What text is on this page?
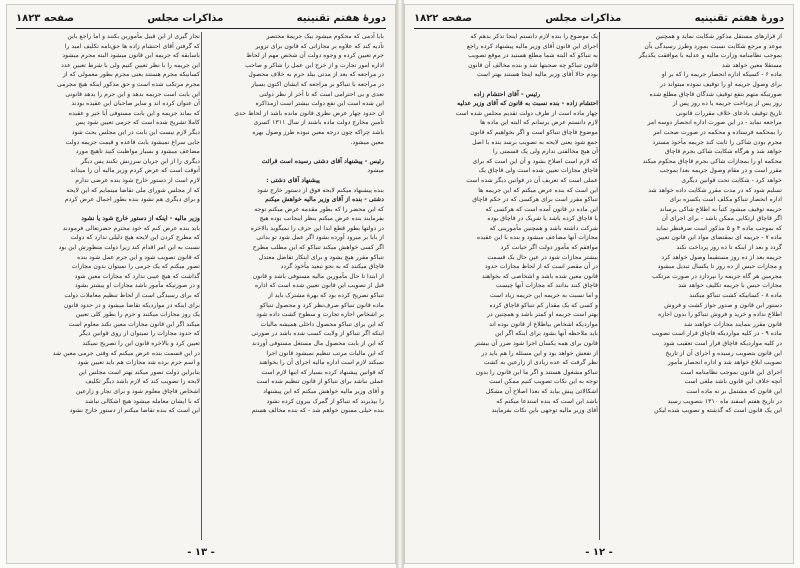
دورهٔ هفتم تقنینیه
مذاکرات مجلس
صفحه ۱۸۲۳

بابا آدمی که محکوم میشود بیک جریمهٔ مختصر

تأدیه کند که علاوه بر مجازاتی که قانون برای تزویر

جرم تعیین کرده و وجوه دولت آن شخص مهم از لحاظ

اداره امور تجارت و از خرج این عمل را شاکر و صاحب

در مراجعه که بعد از مدتی ببلد حرم به خلاف محصول

در مراجعه با تنباکو بر مراجعه که ایشان اکنون بسیار

تعدی و بی احترامی است که تا آخر از نظر دولتی

این شده است این نفع دولت بیشتر است ازمذاکره

ان حدود چهار عرض نظری قانون مانده باشد از لحاظ حدی

تأمین مخارج دولت ماده باشند از سال ۱۳۱۱ کسری

باشد چراکه چون درجه معین نبوده طرز وصول بهره

معین میشود.

رئیس - پیشنهاد آقای دشتی رسیده است قرائت

میشود

پیشنهاد آقای دشتی :

بنده پیشنهاد میکنم لایحه فوق از دستور خارج شود

دشتی - بنده از آقای وزیر مالیه خواهش میکنم

که این محضر را که بطور مقدمه عرض میکنم توجه

بفرمایند بنده عرض میکنم بنظر اینجانب بوده هیچ

در دولتها بطور قطع ابدا این حرف را نمیگوید بالاخره

از بابا بر میرود آورده بشود اگر عمل شود تو بدانی

اگر کسی خواهش میکند تنباکو که این مطلب مطرح

تنباکو مقرر هیچ بشود و برای اینکار تفاضل معتدل

قاچاق میکنند که به نحو تبعید مأخوذ گردد

از ابتدا تا حال مأمورین مالیه مستوفی باشد و قانون

قبل از تصویب این قانون تعیین شده است که اداره

تنباکو تصریح کرده بود که بهرهٔ مشترک باید از

ماده قانون تنباکو صرف‌نظر کرد و محصول تنباکو

بر اشخاص اجازه تجارت و سطوح کشت داده شود

که این برای تنباکو محصول داخلی همیشه مالیات

اینکه اگر تنباکو از ولایت کسب شده باشد در صورتی

که این از بابت محصول مال مستغل مستوفی آوردند

که این مالیات مرتب تنظیم نمیشود قانون اجرا

نمیکند لازم است اداره مالیه اجرای آن را بخواهند

که قوانین پیشنهاد کرده بسیار که اینها لازم است

عملی نباشد برای تنباکو از قانون تنظیم شده است

و آقای وزیر مالیه خواهش میکنم که این پیشنهاد

را بپذیرند که تنباکو از گمرک بیرون کرده نشود

بنده خیلی ممنون خواهم شد - که بنده مخالف هستم

تجار گیری از این قبیل مأمورین بکنند و اما راجع باین

که گرفتن آقای احتشام زاده ها حق‌نامه تکلیف امید را

باسابقه که جریمه این قانون میشود البته مجرم میشود

این جریمه را با نظر تعیین کنیم ولی با شرط تعیین عدد

کسانیکه مجرم هستند یعنی مجرم بطور معمولی که از

مجرم مرتکب شده است و حق مذکور اینکه هیچ مجرمی

این بابت است جریمه بدهد و این جرم را بدهد قانونی

آن عنوان کرده اند و سایر صاحبان این عقیده بودند

که بماند جریمه و این بابت مستوفی آیا خیر و عقیده

کاملا تشریح شده است که جرمی تعیین شود پس

دیگر لازم نیست این بابت در این مجلس بحث شود

جایی سراغ نمیشود بابت قاعده و قیمت جریمه دولت

مضاعف میشود و بسیار مواظبت کنید تاهیچ مورد

دیگری را از این جریان سرزنش نکنند پس دیگر

آنوقت است که عرض کردم وزیر مالیه آن را میداند

لازم است از دستور خارج شود بنده عرضی ندارم

که از مجلس شورای ملی تقاضا مینمایم که این لایحه

و برای دیگری هم نشود بنده بطور اجمال عرض کردم

وزیر مالیه - اینکه از دستور خارج شود یا نشود

باید بنده عرض کنم که خود محترم حضرتعالی فرمودند

که مطرح کردن این لایحه هیچ دلیلی ندارد که دولت

نسبت به این امر اقدام کند زیرا دولت منظورش این بود

که قانون تصویب شود و این جرم عمل شود بنده

تصور میکنم که یک جرمی را نمیتوان بدون مجازات

گذاشت که هیچ عیبی ندارد که مجازات معین شود

و در صورتیکه مأمور باشد مجازات او بیشتر بشود

که برای رسیدگی است از لحاظ تنظیم معاملات دولت

برای اینکه در مواردیکه تقاضا میشود و در حدود قانون

یک روز مجازات میکنند و جرم را بطور کلی تعیین

میکند اگر این قانون مجازات معین نکند معلوم است

که حدود مجازات را نمیتوان از روی قوانین دیگر

تعیین کرد و بالاخره قانون این را تصریح نمیکند

در این قسمت بنده عرض میکنم که وقتی جرمی معین شد

و اسم جرم برده شد مجازات هم باید تعیین شود

بنابراین دولت تصور میکند بهتر است مجلس این

لایحه را تصویب کند که لازم باشد دیگر تکلیف

اشخاص قاچاق معلوم شود و برای تجار و زارعین

که با ایشان معامله میشود هیچ اشکالی نباشد

این است که بنده تقاضا میکنم از دستور خارج نشود

- ۱۳ -
دورهٔ هفتم تقنینیه
مذاکرات مجلس
صفحه ۱۸۲۲

از قرارهای مستقل مذکور شکایت نماید و همچنین

موعد و مرجع شکایت نسبت بمورد وطرز رسیدگی بآن

بموجب نظامنامه وزارت مالیه و عدلیه با موافقت یکدیگر

مستقلا معین خواهد شد

ماده ۶ - کسیکه اداره انحصار جریمه را که بر او

برای وصول جریمه او را توقیف نموده میتواند در

صورتیکه متهم بنفع توقیف شدگان قاچاق مطلع شده

روز پس از پرداخت جریمه یا ده روز پس از

تاریخ توقیف بادعای خلاف مقررات قانونی

مراجعه نماید - در این صورت اداره انحصار دوسه امر

را بمحکمه فرستاده و محکمه در صورت صحت امر

مجرم بودن شاکی را ثابت کند جریمه مأخوذ مسترد

خواهد شد و هرگاه شکایت شاکی بجرم قاچاق

محکمه او را بمجازات شاکی بجرم قاچاق محکوم میکند

مقرر است و در مقام وصول جریمه بعدا بموجب

خواهد کرد - شکایت تحت قوانین دیگری

تسلیم شود که در مدت مقرر شکایت داده خواهد شد

اداره انحصار تنباکو مکلف است یکسره برای

جریمه توقیف میشود کتباً به اطلاع شاکی برساند

اگر قاچاق ارتکابی ممکن باشد - برای اجرای آن

که بموجب ماده ۴ و ۵ مذکور است صرفنظر نماید

ماده ۷ - جریمه ای بمقتضای مواد این قانون تعیین

گردد و بعد از اینکه تا ده روز پرداخت نکند

جریمه بعد از ده روز مستقیما وصول خواهد کرد

و مجازات حبس از ده روز تا یکسال تبدیل میشود

مجرمین هر گاه جریمه را نپردازد در صورت مرتکب

مجازات حبس با جریمه تکلیف خواهد شد

ماده ۸ - کسانیکه کشت تنباکو میکنند

دستور این قانون و صدور جواز کشت و فروش

اطلاع نداده و خرید و فروش تنباکو را بدون اجازه

قانون مقرر بنمایند مجازات خواهند شد

ماده ۹ - در کلیه مواردیکه قاچاق قرار است تصویب

در کلیه مواردیکه قاچاق قرار است تعقیب شود

این قانون بتصویب رسیده و اجرای آن از تاریخ

تصویب ابلاغ خواهد شد و اداره انحصار مأمور

اجرای این قانون بموجب نظامنامه است

آنچه خلاف این قانون باشد ملغی است

این قانون که مشتمل بر نه ماده است

در تاریخ هفتم اسفند ماه ۱۳۱۰ بتصویب رسید

این یک قانون است که گذشته و تصویب شده لیکن

یک موضوع را بنده لازم دانستم اینجا تذکر بدهم که

اجرای این قانون آقای وزیر مالیه پیشنهاد کرده راجع

به تنباکو که البته شما مطلع هستید در موقع تصویب

قانون تنباکو چه صحبتها شد و بنده مخالف آن قانون

بودم حالا آقای وزیر مالیه اینجا هستند بهتر است

رئیس - آقای احتشام زاده

احتشام زاده - بنده نسبت به قانون که آقای وزیر عدلیه

چهار ماده است از طرف دولت تقدیم مجلس شده است

لازم دانستم عرض برسانم که البته این ماده ها

موضوع قاچاق تنباکو است و اگر بخواهیم که قانون

جمع شود یعنی لایحه به تصویب برسد بنده با اصل

آن هیچ مخالفتی ندارم ولی یک قسمتی را

که لازم است اصلاح بشود و آن این است که برای

قاچاق مجازات تعیین شده است ولی قاچاق یک

عملی است که تعریف آن در قوانین دیگر شده است

این است که بنده عرض میکنم که این جریمه ها

تنباکو مقرر است برای هرکسی که در حکم قاچاق

این ماده در قانون آمده است که هرکسی که

یا قاچاق کرده باشد یا شریک در قاچاق بوده

شرکت داشته باشد و همچنین مأمورینی که

مجازات آنها مضاعف میشود و بنده با این عقیده

موافقم که مأمور دولت اگر خیانت کرد

بیشتر مجازات شود در عین حال یک قسمت

در آن مقصر است که از لحاظ مجازات حدود

قانون معین شده باشد و اشخاصی که بخواهند

قاچاق کنند بدانند که مجازات آنها چیست

و اما نسبت به جریمه این جریمه زیاد است

و کسی که یک مقدار کم تنباکو قاچاق کرده

بهتر است جریمه او کمتر باشد و همچنین در

مواردیکه اشخاص بیاطلاع از قانون بوده اند

باید ملاحظه آنها بشود برای اینکه اگر این

قانون برای همه یکسان اجرا شود ضرر آن بیشتر

از نفعش خواهد بود و این مسئله را هم باید در

نظر گرفت که عده زیادی از زارعین به کشت

تنباکو مشغول هستند و اگر ما این قانون را بدون

توجه به این نکات تصویب کنیم ممکن است

اشکالاتی پیش بیاید که بعدا اصلاح آن مشکل

باشد این است که بنده استدعا میکنم که

آقای وزیر مالیه توجهی باین نکات بفرمایند

- ۱۲ -
